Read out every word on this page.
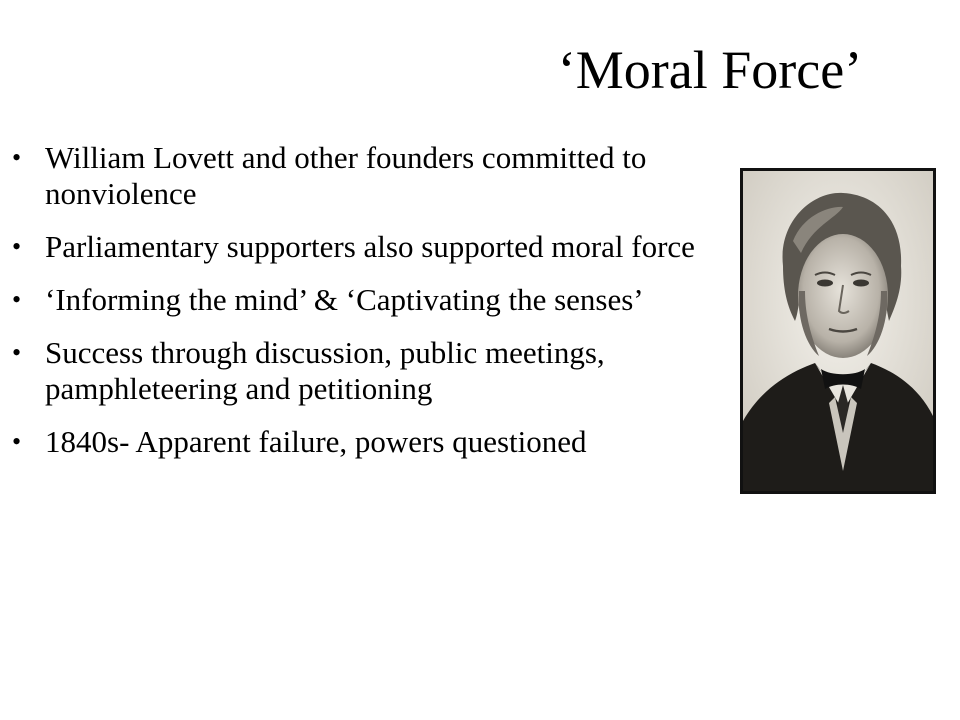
‘Moral Force’
• William Lovett and other founders committed to nonviolence
• Parliamentary supporters also supported moral force
• ‘Informing the mind’ & ‘Captivating the senses’
• Success through discussion, public meetings, pamphleteering and petitioning
• 1840s- Apparent failure, powers questioned
